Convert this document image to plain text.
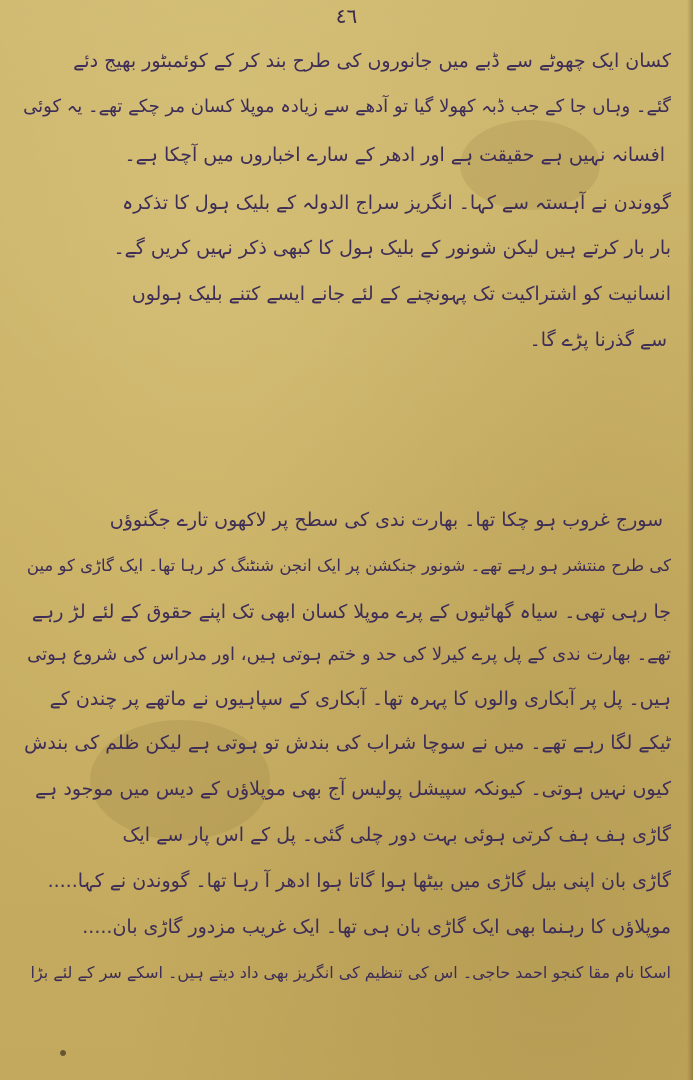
٤٦
کسان ایک چھوٹے سے ڈبے میں جانوروں کی طرح بند کر کے کوئمبٹور بھیج دئے
گئے۔ وہاں جا کے جب ڈبہ کھولا گیا تو آدھے سے زیادہ موپلا کسان مر چکے تھے۔ یہ کوئی
افسانہ نہیں ہے حقیقت ہے اور ادھر کے سارے اخباروں میں آچکا ہے۔
گووندن نے آہستہ سے کہا۔ انگریز سراج الدولہ کے بلیک ہول کا تذکرہ
بار بار کرتے ہیں لیکن شونور کے بلیک ہول کا کبھی ذکر نہیں کریں گے۔
انسانیت کو اشتراکیت تک پہونچنے کے لئے جانے ایسے کتنے بلیک ہولوں
سے گذرنا پڑے گا۔
سورج غروب ہو چکا تھا۔ بھارت ندی کی سطح پر لاکھوں تارے جگنوؤں
کی طرح منتشر ہو رہے تھے۔ شونور جنکشن پر ایک انجن شنٹنگ کر رہا تھا۔ ایک گاڑی کو مین
جا رہی تھی۔ سیاہ گھاٹیوں کے پرے موپلا کسان ابھی تک اپنے حقوق کے لئے لڑ رہے
تھے۔ بھارت ندی کے پل پرے کیرلا کی حد و ختم ہوتی ہیں، اور مدراس کی شروع ہوتی
ہیں۔ پل پر آبکاری والوں کا پہرہ تھا۔ آبکاری کے سپاہیوں نے ماتھے پر چندن کے
ٹیکے لگا رہے تھے۔ میں نے سوچا شراب کی بندش تو ہوتی ہے لیکن ظلم کی بندش
کیوں نہیں ہوتی۔ کیونکہ سپیشل پولیس آج بھی موپلاؤں کے دیس میں موجود ہے
گاڑی ہف ہف کرتی ہوئی بہت دور چلی گئی۔ پل کے اس پار سے ایک
گاڑی بان اپنی بیل گاڑی میں بیٹھا ہوا گاتا ہوا ادھر آ رہا تھا۔ گووندن نے کہا.....
موپلاؤں کا رہنما بھی ایک گاڑی بان ہی تھا۔ ایک غریب مزدور گاڑی بان.....
اسکا نام مقا کنجو احمد حاجی۔ اس کی تنظیم کی انگریز بھی داد دیتے ہیں۔ اسکے سر کے لئے بڑا
